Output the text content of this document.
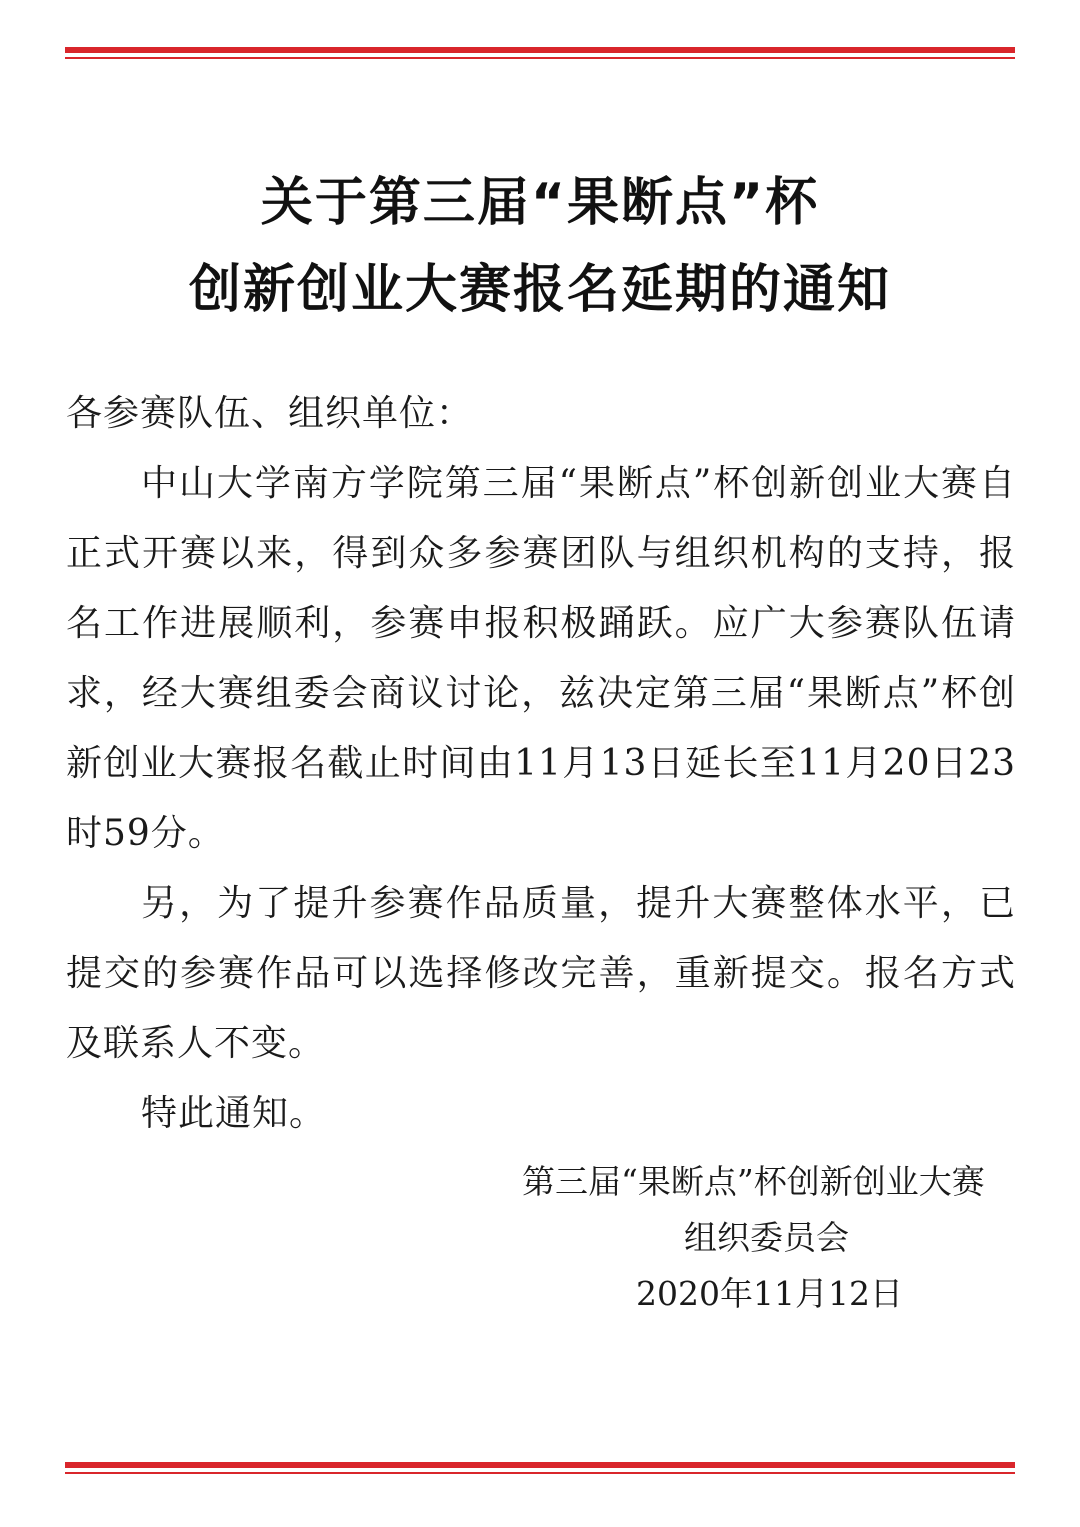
关于第三届“果断点”杯
创新创业大赛报名延期的通知
各参赛队伍、组织单位：
中山大学南方学院第三届“果断点”杯创新创业大赛自正式开赛以来，得到众多参赛团队与组织机构的支持，报名工作进展顺利，参赛申报积极踊跃。应广大参赛队伍请求，经大赛组委会商议讨论，兹决定第三届“果断点”杯创新创业大赛报名截止时间由11月13日延长至11月20日23时59分。
另，为了提升参赛作品质量，提升大赛整体水平，已提交的参赛作品可以选择修改完善，重新提交。报名方式及联系人不变。
特此通知。
第三届“果断点”杯创新创业大赛
组织委员会
2020年11月12日
